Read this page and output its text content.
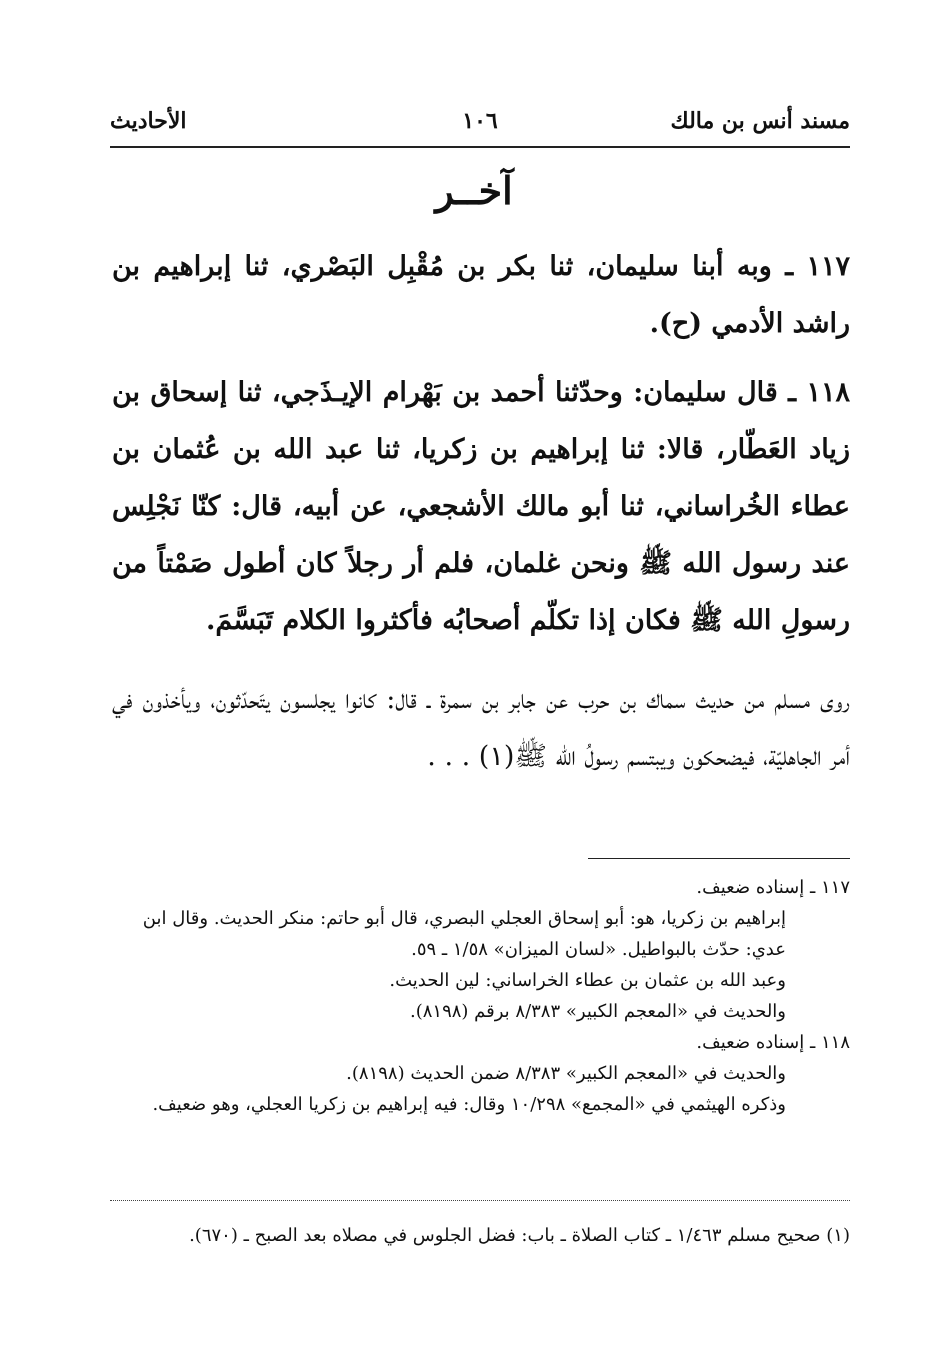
مسند أنس بن مالك
١٠٦
الأحاديث
آخــر

١١٧ ـ وبه أبنا سليمان، ثنا بكر بن مُقْبِل البَصْري، ثنا إبراهيم بن راشد الأدمي (ح).

١١٨ ـ قال سليمان: وحدّثنا أحمد بن بَهْرام الإيـذَجي، ثنا إسحاق بن زياد العَطّار، قالا: ثنا إبراهيم بن زكريا، ثنا عبد الله بن عُثمان بن عطاء الخُراساني، ثنا أبو مالك الأشجعي، عن أبيه، قال: كنّا نَجْلِس عند رسول الله ﷺ ونحن غلمان، فلم أر رجلاً كان أطول صَمْتاً من رسولِ الله ﷺ فكان إذا تكلّم أصحابُه فأكثروا الكلام تَبَسَّمَ.

روى مسلم من حديث سماك بن حرب عن جابر بن سمرة ـ قال: كانوا يجلسون يتَحدّثون، ويأخذون في أمر الجاهليّة، فيضحكون ويبتسم رسولُ الله ﷺ(١) . . .

١١٧ ـ إسناده ضعيف.
إبراهيم بن زكريا، هو: أبو إسحاق العجلي البصري، قال أبو حاتم: منكر الحديث. وقال ابن عدي: حدّث بالبواطيل. «لسان الميزان» ١/٥٨ ـ ٥٩.
وعبد الله بن عثمان بن عطاء الخراساني: لين الحديث.
والحديث في «المعجم الكبير» ٨/٣٨٣ برقم (٨١٩٨).
١١٨ ـ إسناده ضعيف.
والحديث في «المعجم الكبير» ٨/٣٨٣ ضمن الحديث (٨١٩٨).
وذكره الهيثمي في «المجمع» ١٠/٢٩٨ وقال: فيه إبراهيم بن زكريا العجلي، وهو ضعيف.
(١) صحيح مسلم ١/٤٦٣ ـ كتاب الصلاة ـ باب: فضل الجلوس في مصلاه بعد الصبح ـ (٦٧٠).
